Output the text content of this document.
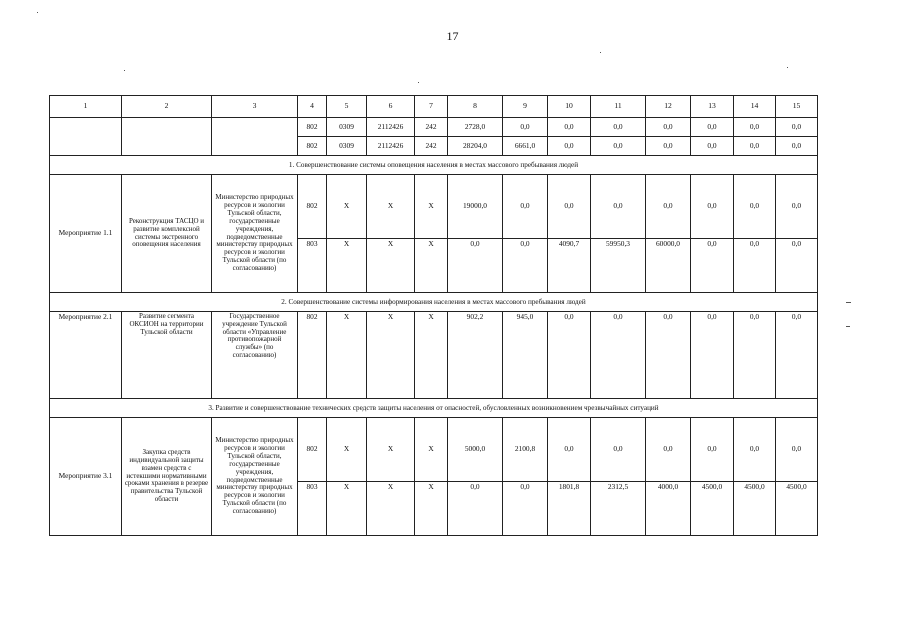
17
1	2	3	4	5	6	7	8	9	10	11	12	13	14	15
			802	0309	2112426	242	2728,0	0,0	0,0	0,0	0,0	0,0	0,0	0,0
			802	0309	2112426	242	28204,0	6661,0	0,0	0,0	0,0	0,0	0,0	0,0
1. Совершенствование системы оповещения населения в местах массового пребывания людей														
Мероприятие 1.1	Реконструкция ТАСЦО и развитие комплексной системы экстренного оповещения населения	Министерство природных ресурсов и экологии Тульской области, государственные учреждения, подведомственные министерству природных ресурсов и экологии Тульской области (по согласованию)	802	X	X	X	19000,0	0,0	0,0	0,0	0,0	0,0	0,0	0,0
			803	X	X	X	0,0	0,0	4090,7	59950,3	60000,0	0,0	0,0	0,0
2. Совершенствование системы информирования населения в местах массового пребывания людей														
Мероприятие 2.1	Развитие сегмента ОКСИОН на территории Тульской области	Государственное учреждение Тульской области «Управление противопожарной службы» (по согласованию)	802	X	X	X	902,2	945,0	0,0	0,0	0,0	0,0	0,0	0,0
3. Развитие и совершенствование технических средств защиты населения от опасностей, обусловленных возникновением чрезвычайных ситуаций														
Мероприятие 3.1	Закупка средств индивидуальной защиты взамен средств с истекшими нормативными сроками хранения в резерве правительства Тульской области	Министерство природных ресурсов и экологии Тульской области, государственные учреждения, подведомственные министерству природных ресурсов и экологии Тульской области (по согласованию)	802	X	X	X	5000,0	2100,8	0,0	0,0	0,0	0,0	0,0	0,0
			803	X	X	X	0,0	0,0	1801,8	2312,5	4000,0	4500,0	4500,0	4500,0
